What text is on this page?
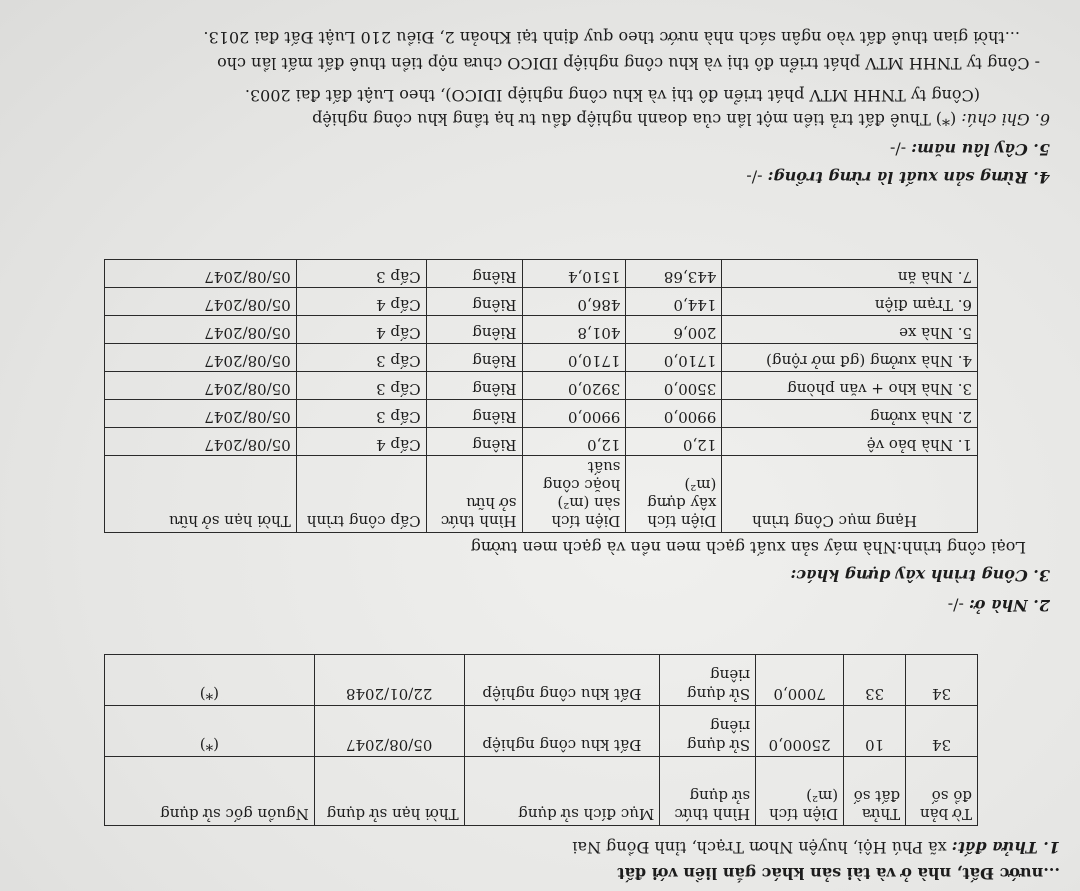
...nước Đất, nhà ở và tài sản khác gắn liền với đất
1. Thửa đất: xã Phú Hội, huyện Nhơn Trạch, tỉnh Đồng Nai
Tờ bản đồ số	Thửa đất số	Diện tích (m²)	Hình thức sử dụng	Mục đích sử dụng	Thời hạn sử dụng	Nguồn gốc sử dụng
34	10	25000,0	Sử dụng riêng	Đất khu công nghiệp	05/08/2047	(*)
34	33	7000,0	Sử dụng riêng	Đất khu công nghiệp	22/01/2048	(*)
2. Nhà ở: -/-
3. Công trình xây dựng khác:
Loại công trình:Nhà máy sản xuất gạch men nền và gạch men tường
Hạng mục Công trình	Diện tích xây dựng (m²)	Diện tích sàn (m²) hoặc công suất	Hình thức sở hữu	Cấp công trình	Thời hạn sở hữu
1. Nhà bảo vệ	12,0	12,0	Riêng	Cấp 4	05/08/2047
2. Nhà xưởng	9900,0	9900,0	Riêng	Cấp 3	05/08/2047
3. Nhà kho + văn phòng	3500,0	3920,0	Riêng	Cấp 3	05/08/2047
4. Nhà xưởng (gđ mở rộng)	1710,0	1710,0	Riêng	Cấp 3	05/08/2047
5. Nhà xe	200,6	401,8	Riêng	Cấp 4	05/08/2047
6. Trạm điện	144,0	486,0	Riêng	Cấp 4	05/08/2047
7. Nhà ăn	443,68	1510,4	Riêng	Cấp 3	05/08/2047
4. Rừng sản xuất là rừng trồng: -/-
5. Cây lâu năm: -/-
6. Ghi chú: (*) Thuê đất trả tiền một lần của doanh nghiệp đầu tư hạ tầng khu công nghiệp
(Công ty TNHH MTV phát triển đô thị và khu công nghiệp IDICO), theo Luật đất đai 2003.
- Công ty TNHH MTV phát triển đô thị và khu công nghiệp IDICO chưa nộp tiền thuê đất mất lần cho
...thời gian thuê đất vào ngân sách nhà nước theo quy định tại Khoản 2, Điều 210 Luật Đất đai 2013.
